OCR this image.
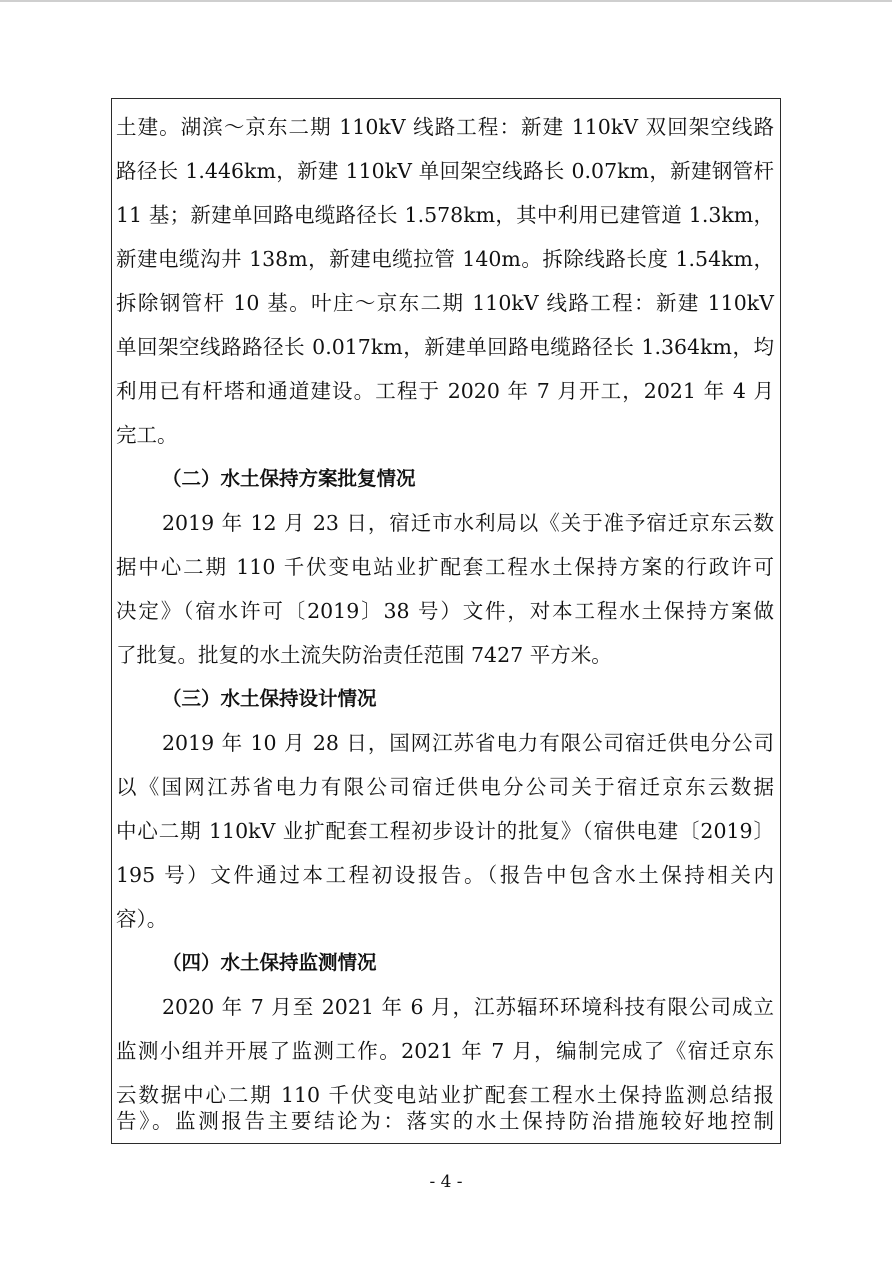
土建。湖滨～京东二期 110kV 线路工程：新建 110kV 双回架空线路
路径长 1.446km，新建 110kV 单回架空线路长 0.07km，新建钢管杆
11 基；新建单回路电缆路径长 1.578km，其中利用已建管道 1.3km，
新建电缆沟井 138m，新建电缆拉管 140m。拆除线路长度 1.54km，
拆除钢管杆 10 基。叶庄～京东二期 110kV 线路工程：新建 110kV
单回架空线路路径长 0.017km，新建单回路电缆路径长 1.364km，均
利用已有杆塔和通道建设。工程于 2020 年 7 月开工，2021 年 4 月
完工。
（二）水土保持方案批复情况
2019 年 12 月 23 日，宿迁市水利局以《关于准予宿迁京东云数
据中心二期 110 千伏变电站业扩配套工程水土保持方案的行政许可
决定》（宿水许可〔2019〕38 号）文件，对本工程水土保持方案做
了批复。批复的水土流失防治责任范围 7427 平方米。
（三）水土保持设计情况
2019 年 10 月 28 日，国网江苏省电力有限公司宿迁供电分公司
以《国网江苏省电力有限公司宿迁供电分公司关于宿迁京东云数据
中心二期 110kV 业扩配套工程初步设计的批复》（宿供电建〔2019〕
195 号）文件通过本工程初设报告。（报告中包含水土保持相关内
容）。
（四）水土保持监测情况
2020 年 7 月至 2021 年 6 月，江苏辐环环境科技有限公司成立
监测小组并开展了监测工作。2021 年 7 月，编制完成了《宿迁京东
云数据中心二期 110 千伏变电站业扩配套工程水土保持监测总结报
告》。监测报告主要结论为：落实的水土保持防治措施较好地控制
- 4 -
